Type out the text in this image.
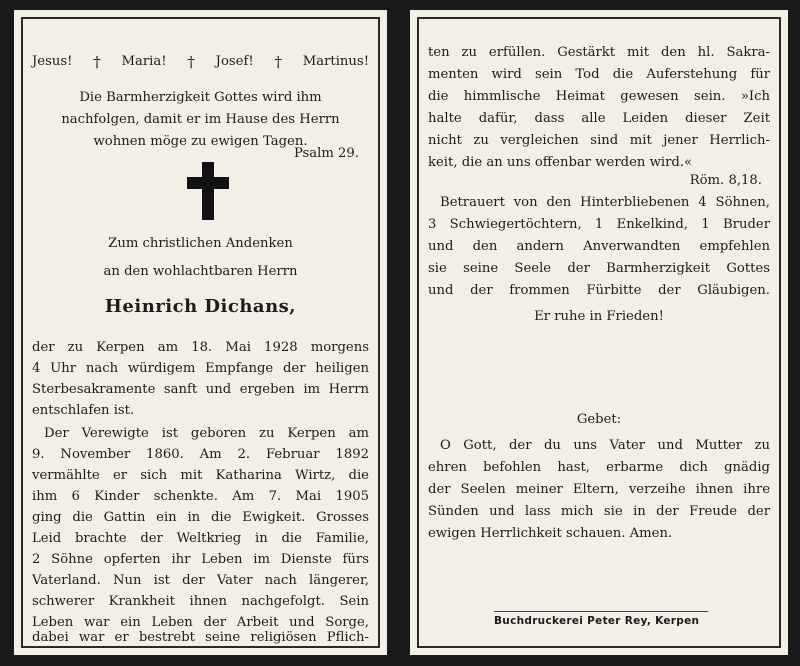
Jesus! † Maria! † Josef! † Martinus!
Die Barmherzigkeit Gottes wird ihm
nachfolgen, damit er im Hause des Herrn
wohnen möge zu ewigen Tagen.
Psalm 29.
Zum christlichen Andenken
an den wohlachtbaren Herrn
Heinrich Dichans,
der zu Kerpen am 18. Mai 1928 morgens
4 Uhr nach würdigem Empfange der heiligen
Sterbesakramente sanft und ergeben im Herrn
entschlafen ist.
Der Verewigte ist geboren zu Kerpen am
9. November 1860. Am 2. Februar 1892
vermählte er sich mit Katharina Wirtz, die
ihm 6 Kinder schenkte. Am 7. Mai 1905
ging die Gattin ein in die Ewigkeit. Grosses
Leid brachte der Weltkrieg in die Familie,
2 Söhne opferten ihr Leben im Dienste fürs
Vaterland. Nun ist der Vater nach längerer,
schwerer Krankheit ihnen nachgefolgt. Sein
Leben war ein Leben der Arbeit und Sorge,
dabei war er bestrebt seine religiösen Pflich-
ten zu erfüllen. Gestärkt mit den hl. Sakra-
menten wird sein Tod die Auferstehung für
die himmlische Heimat gewesen sein. »Ich
halte dafür, dass alle Leiden dieser Zeit
nicht zu vergleichen sind mit jener Herrlich-
keit, die an uns offenbar werden wird.«
Röm. 8,18.
Betrauert von den Hinterbliebenen 4 Söhnen,
3 Schwiegertöchtern, 1 Enkelkind, 1 Bruder
und den andern Anverwandten empfehlen
sie seine Seele der Barmherzigkeit Gottes
und der frommen Fürbitte der Gläubigen.
Er ruhe in Frieden!
Gebet:
O Gott, der du uns Vater und Mutter zu
ehren befohlen hast, erbarme dich gnädig
der Seelen meiner Eltern, verzeihe ihnen ihre
Sünden und lass mich sie in der Freude der
ewigen Herrlichkeit schauen. Amen.
Buchdruckerei Peter Rey, Kerpen
